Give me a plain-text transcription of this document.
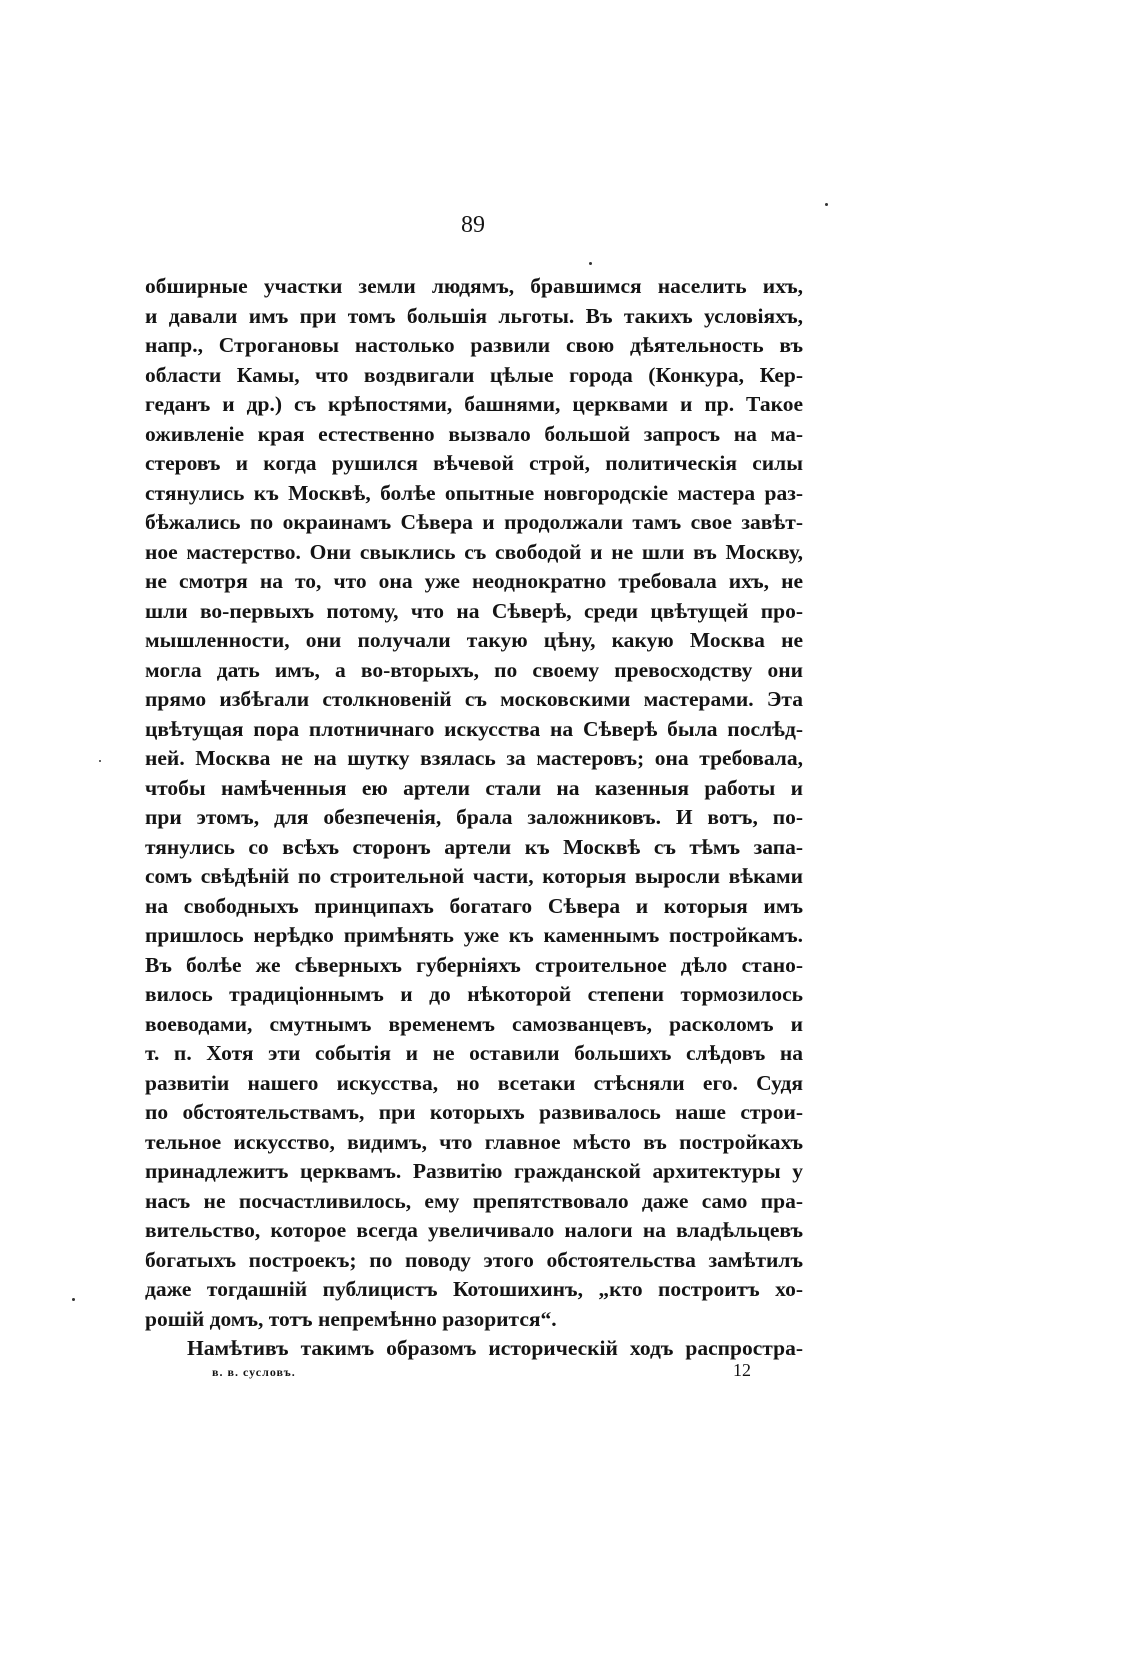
89
обширные участки земли людямъ, бравшимся населить ихъ,
и давали имъ при томъ большiя льготы. Въ такихъ условiяхъ,
напр., Строгановы настолько развили свою дѣятельность въ
области Камы, что воздвигали цѣлые города (Конкура, Кер-
геданъ и др.) съ крѣпостями, башнями, церквами и пр. Такое
оживленiе края естественно вызвало большой запросъ на ма-
стеровъ и когда рушился вѣчевой строй, политическiя силы
стянулись къ Москвѣ, болѣе опытные новгородскiе мастера раз-
бѣжались по окраинамъ Сѣвера и продолжали тамъ свое завѣт-
ное мастерство. Они свыклись съ свободой и не шли въ Москву,
не смотря на то, что она уже неоднократно требовала ихъ, не
шли во-первыхъ потому, что на Сѣверѣ, среди цвѣтущей про-
мышленности, они получали такую цѣну, какую Москва не
могла дать имъ, а во-вторыхъ, по своему превосходству они
прямо избѣгали столкновенiй съ московскими мастерами. Эта
цвѣтущая пора плотничнаго искусства на Сѣверѣ была послѣд-
ней. Москва не на шутку взялась за мастеровъ; она требовала,
чтобы намѣченныя ею артели стали на казенныя работы и
при этомъ, для обезпеченiя, брала заложниковъ. И вотъ, по-
тянулись со всѣхъ сторонъ артели къ Москвѣ съ тѣмъ запа-
сомъ свѣдѣнiй по строительной части, которыя выросли вѣками
на свободныхъ принципахъ богатаго Сѣвера и которыя имъ
пришлось нерѣдко примѣнять уже къ каменнымъ постройкамъ.
Въ болѣе же сѣверныхъ губернiяхъ строительное дѣло стано-
вилось традицiоннымъ и до нѣкоторой степени тормозилось
воеводами, смутнымъ временемъ самозванцевъ, расколомъ и
т. п. Хотя эти событiя и не оставили большихъ слѣдовъ на
развитiи нашего искусства, но всетаки стѣсняли его. Судя
по обстоятельствамъ, при которыхъ развивалось наше строи-
тельное искусство, видимъ, что главное мѣсто въ постройкахъ
принадлежитъ церквамъ. Развитiю гражданской архитектуры у
насъ не посчастливилось, ему препятствовало даже само пра-
вительство, которое всегда увеличивало налоги на владѣльцевъ
богатыхъ построекъ; по поводу этого обстоятельства замѣтилъ
даже тогдашнiй публицистъ Котошихинъ, „кто построитъ хо-
рошiй домъ, тотъ непремѣнно разорится“.
Намѣтивъ такимъ образомъ историческiй ходъ распростра-
в. в. сусловъ.	12
